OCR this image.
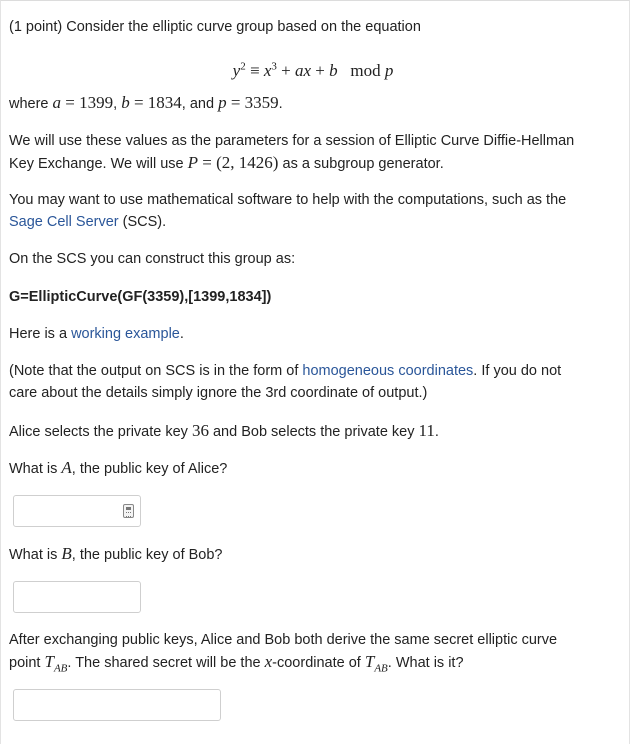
(1 point) Consider the elliptic curve group based on the equation

$y^2 \equiv x^3$ + ax + b mod p

where a = 1399, b = 1834, and p = 3359.

We will use these values as the parameters for a session of Elliptic Curve Diffie-Hellman
Key Exchange. We will use P = (2, 1426) as a subgroup generator.

You may want to use mathematical software to help with the computations, such as the
Sage Cell Server (SCS).

On the SCS you can construct this group as:

G=EllipticCurve(GF(3359),[1399,1834])

Here is a working example.

(Note that the output on SCS is in the form of homogeneous coordinates. If you do not
care about the details simply ignore the 3rd coordinate of output.)

Alice selects the private key 36 and Bob selects the private key 11.

What is A, the public key of Alice?

What is B, the public key of Bob?

After exchanging public keys, Alice and Bob both derive the same secret elliptic curve
point $T_{AB}$. The shared secret will be the x-coordinate of $T_{AB}$. What is it?
